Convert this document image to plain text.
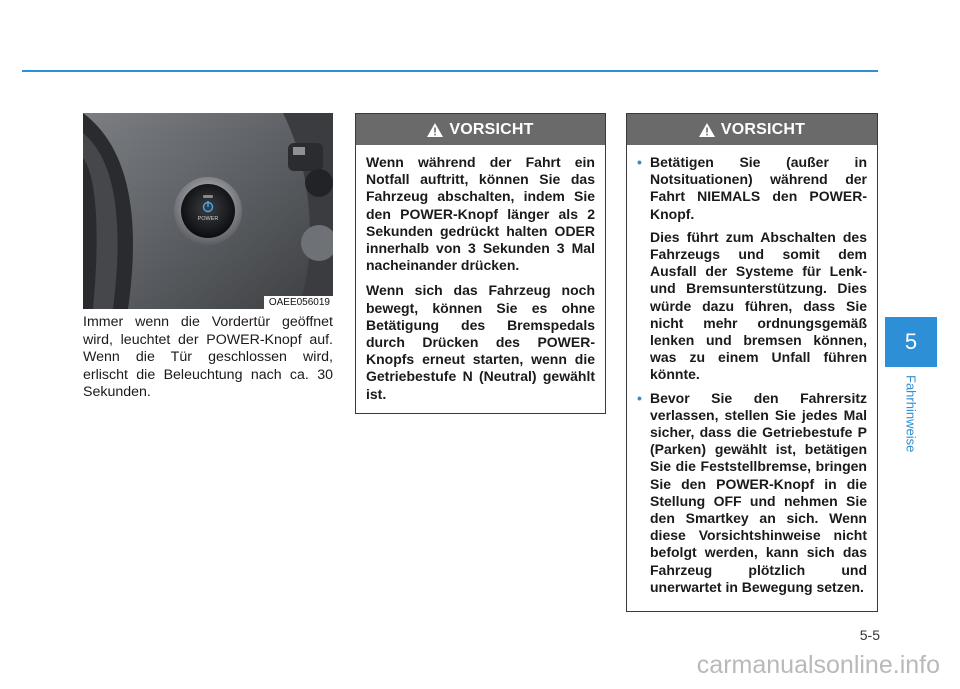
POWER
OAEE056019

Immer wenn die Vordertür geöffnet wird, leuchtet der POWER-Knopf auf. Wenn die Tür geschlossen wird, erlischt die Beleuchtung nach ca. 30 Sekunden.

VORSICHT

Wenn während der Fahrt ein Notfall auftritt, können Sie das Fahrzeug abschalten, indem Sie den POWER-Knopf länger als 2 Sekunden gedrückt halten ODER innerhalb von 3 Sekunden 3 Mal nacheinander drücken.

Wenn sich das Fahrzeug noch bewegt, können Sie es ohne Betätigung des Bremspedals durch Drücken des POWER-Knopfs erneut starten, wenn die Getriebestufe N (Neutral) gewählt ist.

VORSICHT
• Betätigen Sie (außer in Notsituationen) während der Fahrt NIEMALS den POWER-Knopf.

Dies führt zum Abschalten des Fahrzeugs und somit dem Ausfall der Systeme für Lenk- und Bremsunterstützung. Dies würde dazu führen, dass Sie nicht mehr ordnungsgemäß lenken und bremsen können, was zu einem Unfall führen könnte.

• Bevor Sie den Fahrersitz verlassen, stellen Sie jedes Mal sicher, dass die Getriebestufe P (Parken) gewählt ist, betätigen Sie die Feststellbremse, bringen Sie den POWER-Knopf in die Stellung OFF und nehmen Sie den Smartkey an sich. Wenn diese Vorsichtshinweise nicht befolgt werden, kann sich das Fahrzeug plötzlich und unerwartet in Bewegung setzen.

5
Fahrhinweise
5-5
carmanualsonline.info
